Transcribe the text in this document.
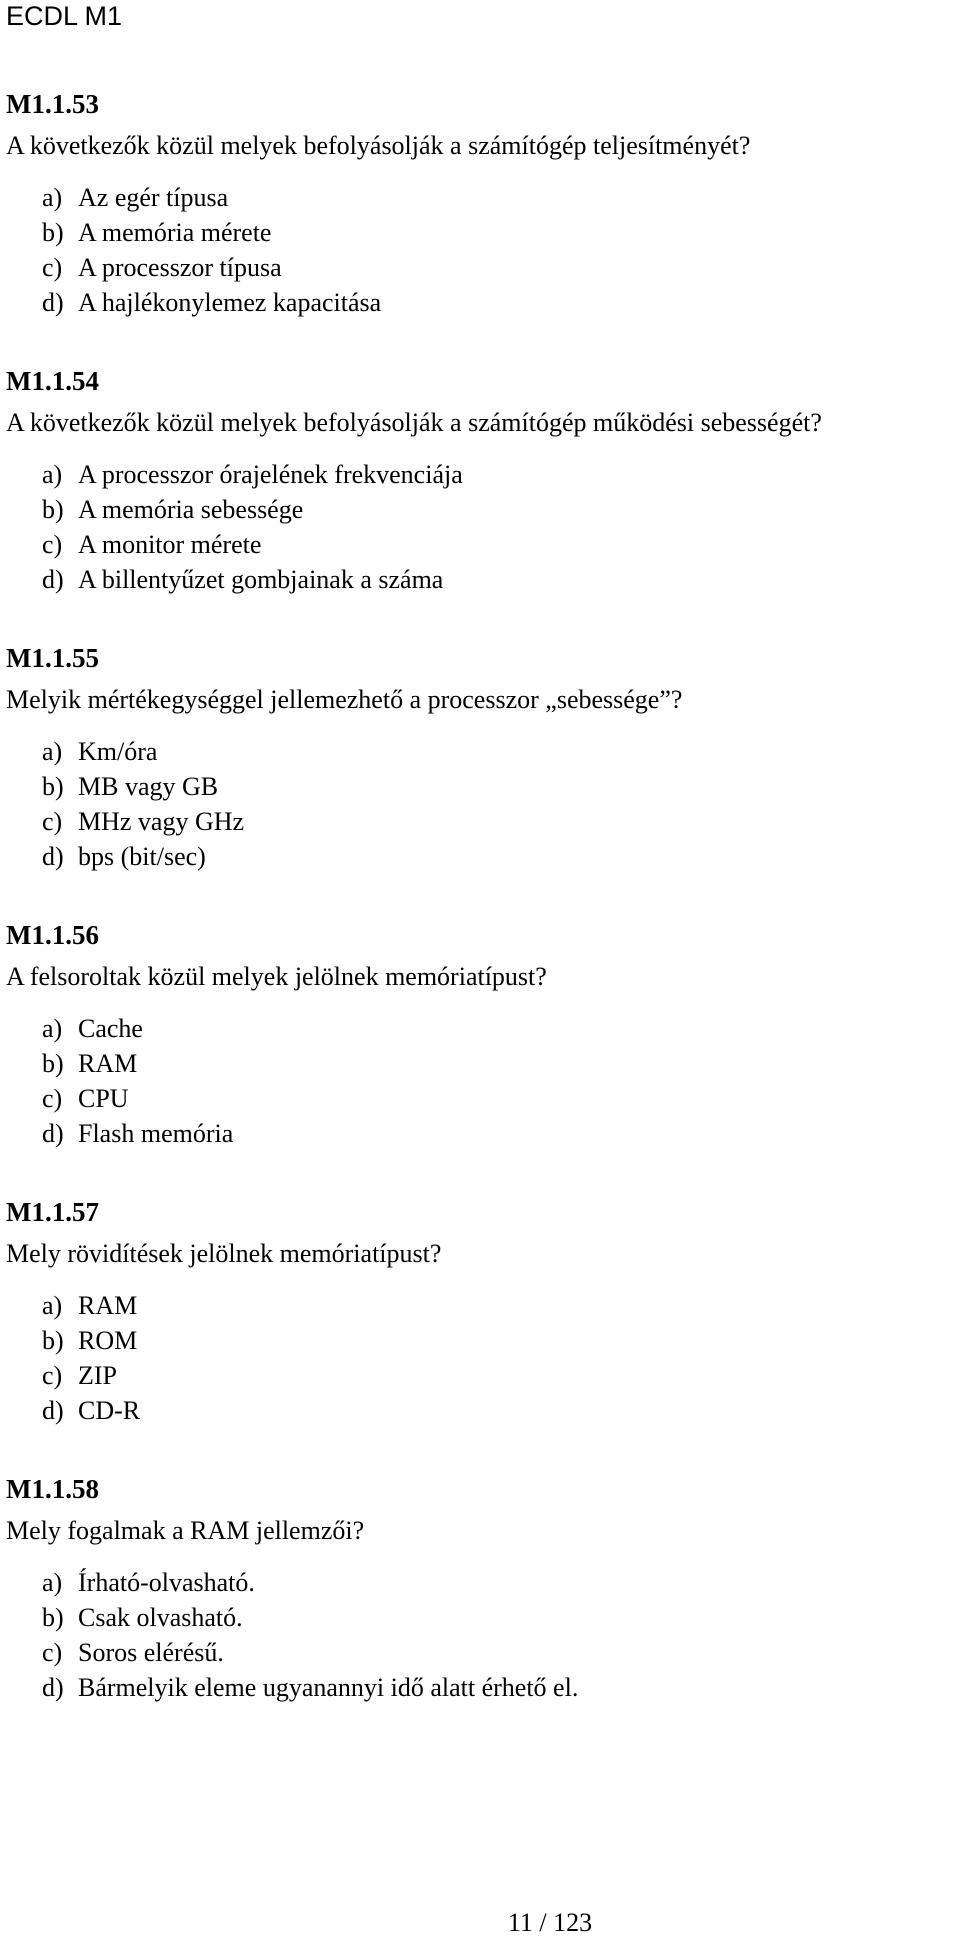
ECDL M1
M1.1.53
A következők közül melyek befolyásolják a számítógép teljesítményét?
a) Az egér típusa
b) A memória mérete
c) A processzor típusa
d) A hajlékonylemez kapacitása
M1.1.54
A következők közül melyek befolyásolják a számítógép működési sebességét?
a) A processzor órajelének frekvenciája
b) A memória sebessége
c) A monitor mérete
d) A billentyűzet gombjainak a száma
M1.1.55
Melyik mértékegységgel jellemezhető a processzor „sebessége”?
a) Km/óra
b) MB vagy GB
c) MHz vagy GHz
d) bps (bit/sec)
M1.1.56
A felsoroltak közül melyek jelölnek memóriatípust?
a) Cache
b) RAM
c) CPU
d) Flash memória
M1.1.57
Mely rövidítések jelölnek memóriatípust?
a) RAM
b) ROM
c) ZIP
d) CD-R
M1.1.58
Mely fogalmak a RAM jellemzői?
a) Írható-olvasható.
b) Csak olvasható.
c) Soros elérésű.
d) Bármelyik eleme ugyanannyi idő alatt érhető el.
11 / 123
